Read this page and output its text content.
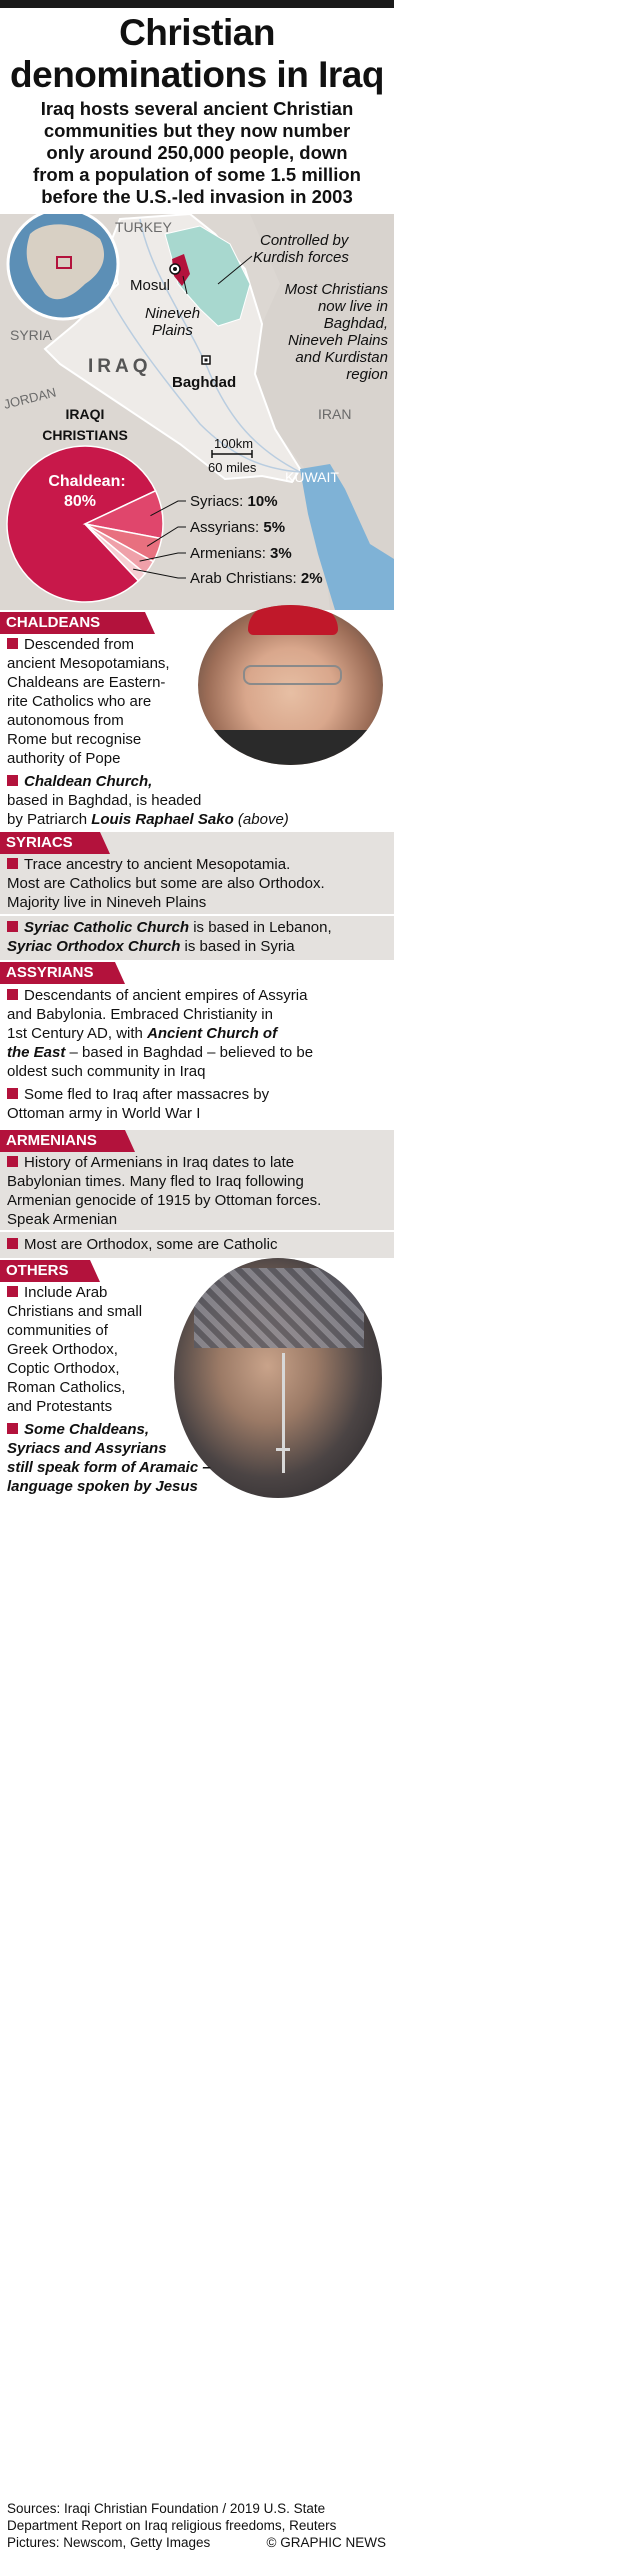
Christian
denominations in Iraq
Iraq hosts several ancient Christian
communities but they now number
only around 250,000 people, down
from a population of some 1.5 million
before the U.S.-led invasion in 2003
Syriacs: 10%
Assyrians: 5%
Armenians: 3%
Arab Christians: 2%
Chaldean:
80%
TURKEY
SYRIA
JORDAN
IRAQ
IRAN
KUWAIT
Mosul
Nineveh
Plains
Baghdad
Controlled by
Kurdish forces
Most Christians
now live in
Baghdad,
Nineveh Plains
and Kurdistan
region
100km
60 miles
IRAQI
CHRISTIANS
CHALDEANS
Descended from
ancient Mesopotamians,
Chaldeans are Eastern-
rite Catholics who are
autonomous from
Rome but recognise
authority of Pope
Chaldean Church,
based in Baghdad, is headed
by Patriarch Louis Raphael Sako (above)
SYRIACS
Trace ancestry to ancient Mesopotamia.
Most are Catholics but some are also Orthodox.
Majority live in Nineveh Plains
Syriac Catholic Church is based in Lebanon,
Syriac Orthodox Church is based in Syria
ASSYRIANS
Descendants of ancient empires of Assyria
and Babylonia. Embraced Christianity in
1st Century AD, with Ancient Church of
the East – based in Baghdad – believed to be
oldest such community in Iraq
Some fled to Iraq after massacres by
Ottoman army in World War I
ARMENIANS
History of Armenians in Iraq dates to late
Babylonian times. Many fled to Iraq following
Armenian genocide of 1915 by Ottoman forces.
Speak Armenian
Most are Orthodox, some are Catholic
OTHERS
Include Arab
Christians and small
communities of
Greek Orthodox,
Coptic Orthodox,
Roman Catholics,
and Protestants
Some Chaldeans,
Syriacs and Assyrians
still speak form of Aramaic –
language spoken by Jesus
Sources: Iraqi Christian Foundation / 2019 U.S. State
Department Report on Iraq religious freedoms, Reuters
Pictures: Newscom, Getty Images	© GRAPHIC NEWS
